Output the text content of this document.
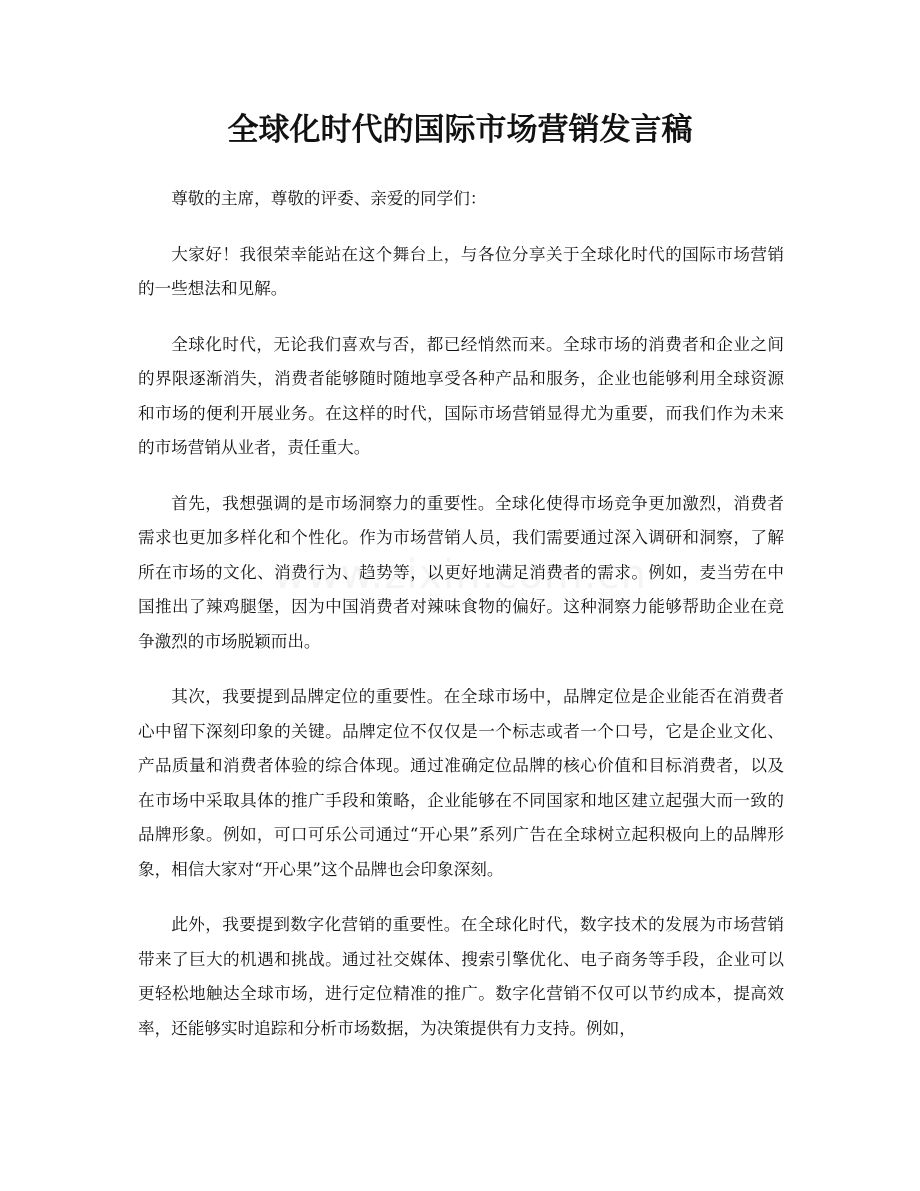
全球化时代的国际市场营销发言稿

尊敬的主席，尊敬的评委、亲爱的同学们：

大家好！我很荣幸能站在这个舞台上，与各位分享关于全球化时代的国际市场营销的一些想法和见解。

全球化时代，无论我们喜欢与否，都已经悄然而来。全球市场的消费者和企业之间的界限逐渐消失，消费者能够随时随地享受各种产品和服务，企业也能够利用全球资源和市场的便利开展业务。在这样的时代，国际市场营销显得尤为重要，而我们作为未来的市场营销从业者，责任重大。

首先，我想强调的是市场洞察力的重要性。全球化使得市场竞争更加激烈，消费者需求也更加多样化和个性化。作为市场营销人员，我们需要通过深入调研和洞察，了解所在市场的文化、消费行为、趋势等，以更好地满足消费者的需求。例如，麦当劳在中国推出了辣鸡腿堡，因为中国消费者对辣味食物的偏好。这种洞察力能够帮助企业在竞争激烈的市场脱颖而出。

其次，我要提到品牌定位的重要性。在全球市场中，品牌定位是企业能否在消费者心中留下深刻印象的关键。品牌定位不仅仅是一个标志或者一个口号，它是企业文化、产品质量和消费者体验的综合体现。通过准确定位品牌的核心价值和目标消费者，以及在市场中采取具体的推广手段和策略，企业能够在不同国家和地区建立起强大而一致的品牌形象。例如，可口可乐公司通过“开心果”系列广告在全球树立起积极向上的品牌形象，相信大家对“开心果”这个品牌也会印象深刻。

此外，我要提到数字化营销的重要性。在全球化时代，数字技术的发展为市场营销带来了巨大的机遇和挑战。通过社交媒体、搜索引擎优化、电子商务等手段，企业可以更轻松地触达全球市场，进行定位精准的推广。数字化营销不仅可以节约成本，提高效率，还能够实时追踪和分析市场数据，为决策提供有力支持。例如，
